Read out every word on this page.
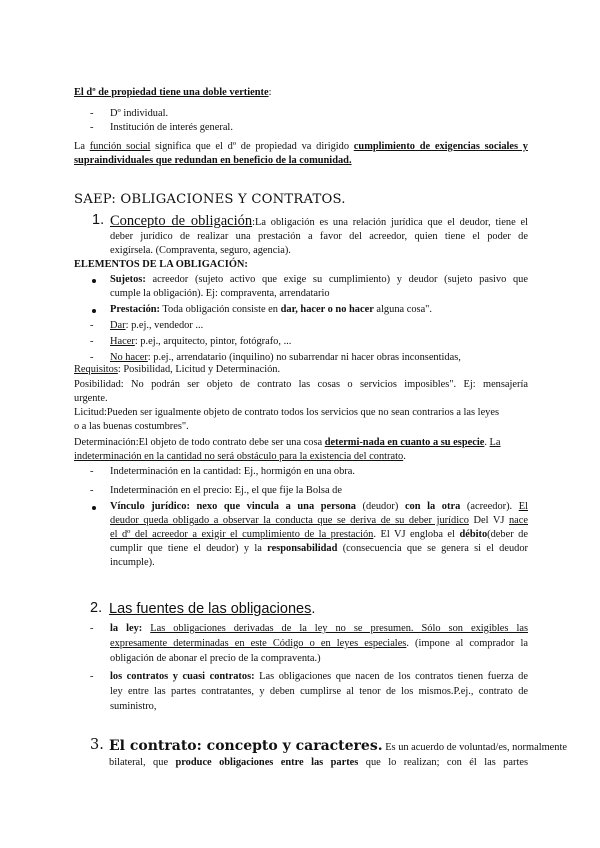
El dº de propiedad tiene una doble vertiente:
- Dº individual.
- Institución de interés general.
La función social significa que el dº de propiedad va dirigido cumplimiento de exigencias sociales y
supraindividuales que redundan en beneficio de la comunidad.
SAEP: OBLIGACIONES Y CONTRATOS.
1. Concepto de obligación:La obligación es una relación jurídica que el deudor, tiene el
deber jurídico de realizar una prestación a favor del acreedor, quien tiene el poder de
exigírsela. (Compraventa, seguro, agencia).
ELEMENTOS DE LA OBLIGACIÓN:
Sujetos: acreedor (sujeto activo que exige su cumplimiento) y deudor (sujeto pasivo que
cumple la obligación). Ej: compraventa, arrendatario
Prestación: Toda obligación consiste en dar, hacer o no hacer alguna cosa".
- Dar: p.ej., vendedor ...
- Hacer: p.ej., arquitecto, pintor, fotógrafo, ...
- No hacer: p.ej., arrendatario (inquilino) no subarrendar ni hacer obras inconsentidas,
Requisitos: Posibilidad, Licitud y Determinación.
Posibilidad: No podrán ser objeto de contrato las cosas o servicios imposibles". Ej: mensajería
urgente.
Licitud:Pueden ser igualmente objeto de contrato todos los servicios que no sean contrarios a las leyes
o a las buenas costumbres".
Determinación:El objeto de todo contrato debe ser una cosa determi-nada en cuanto a su especie. La
indeterminación en la cantidad no será obstáculo para la existencia del contrato.
- Indeterminación en la cantidad: Ej., hormigón en una obra.
- Indeterminación en el precio: Ej., el que fije la Bolsa de
Vínculo jurídico: nexo que vincula a una persona (deudor) con la otra (acreedor). El
deudor queda obligado a observar la conducta que se deriva de su deber jurídico Del VJ nace
el dº del acreedor a exigir el cumplimiento de la prestación. El VJ engloba el débito(deber de
cumplir que tiene el deudor) y la responsabilidad (consecuencia que se genera si el deudor
incumple).
2. Las fuentes de las obligaciones.
- la ley: Las obligaciones derivadas de la ley no se presumen. Sólo son exigibles las
expresamente determinadas en este Código o en leyes especiales. (impone al comprador la
obligación de abonar el precio de la compraventa.)
- los contratos y cuasi contratos: Las obligaciones que nacen de los contratos tienen fuerza de
ley entre las partes contratantes, y deben cumplirse al tenor de los mismos.P.ej., contrato de
suministro,
3. El contrato: concepto y caracteres. Es un acuerdo de voluntad/es, normalmente
bilateral, que produce obligaciones entre las partes que lo realizan; con él las partes
